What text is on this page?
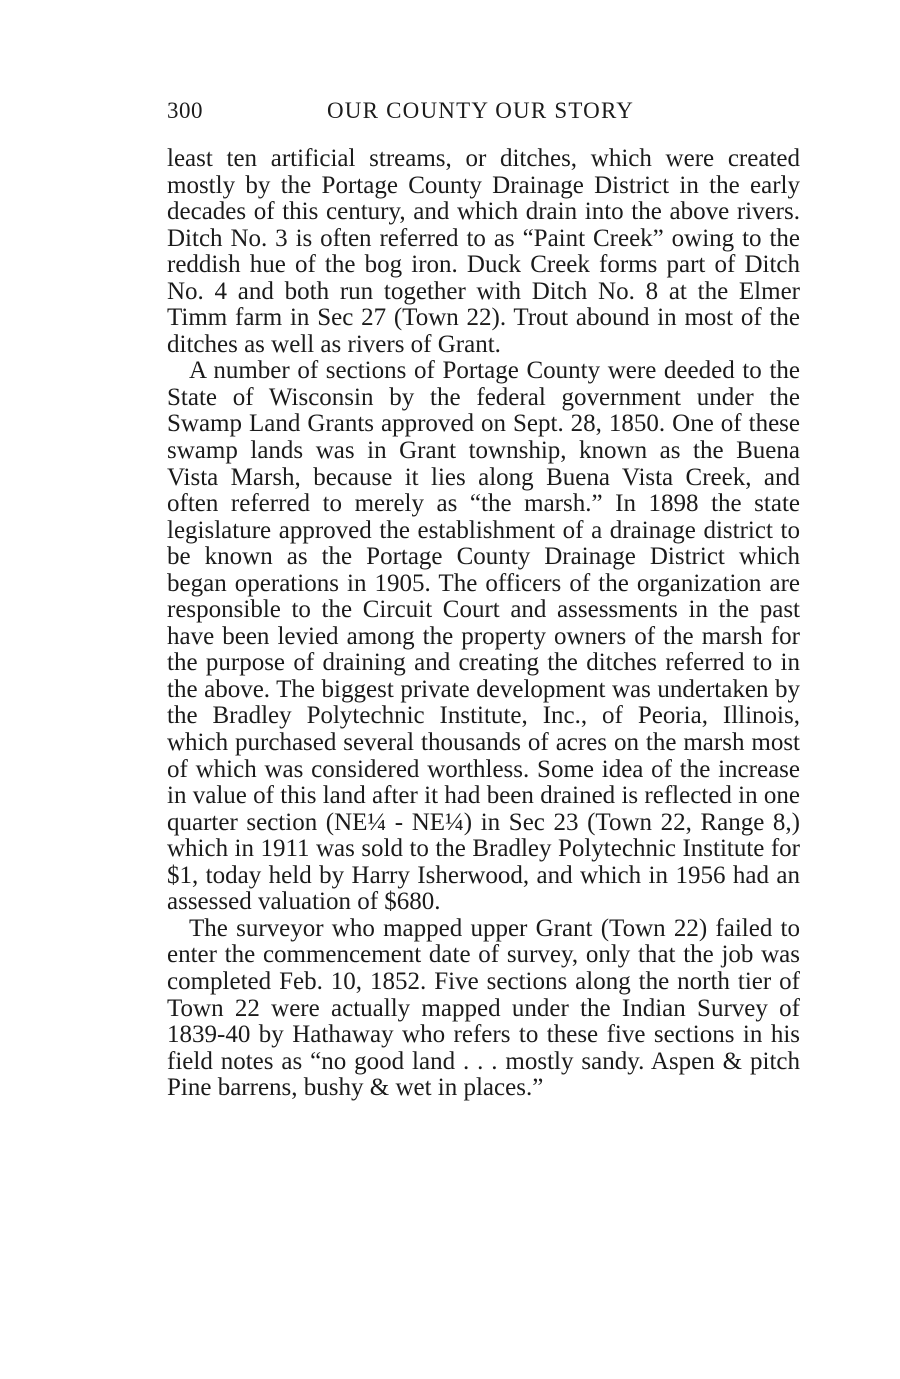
300	OUR COUNTY OUR STORY

least ten artificial streams, or ditches, which were created mostly by the Portage County Drainage District in the early decades of this century, and which drain into the above rivers. Ditch No. 3 is often referred to as “Paint Creek” owing to the reddish hue of the bog iron. Duck Creek forms part of Ditch No. 4 and both run together with Ditch No. 8 at the Elmer Timm farm in Sec 27 (Town 22). Trout abound in most of the ditches as well as rivers of Grant.

A number of sections of Portage County were deeded to the State of Wisconsin by the federal government under the Swamp Land Grants approved on Sept. 28, 1850. One of these swamp lands was in Grant township, known as the Buena Vista Marsh, because it lies along Buena Vista Creek, and often referred to merely as “the marsh.” In 1898 the state legislature approved the establishment of a drainage district to be known as the Portage County Drainage District which began operations in 1905. The officers of the organization are responsible to the Circuit Court and assessments in the past have been levied among the property owners of the marsh for the purpose of draining and creating the ditches referred to in the above. The biggest private development was undertaken by the Bradley Polytechnic Institute, Inc., of Peoria, Illinois, which purchased several thousands of acres on the marsh most of which was considered worthless. Some idea of the increase in value of this land after it had been drained is reflected in one quarter section (NE¼ - NE¼) in Sec 23 (Town 22, Range 8,) which in 1911 was sold to the Bradley Polytechnic Institute for $1, today held by Harry Isherwood, and which in 1956 had an assessed valuation of $680.

The surveyor who mapped upper Grant (Town 22) failed to enter the commencement date of survey, only that the job was completed Feb. 10, 1852. Five sections along the north tier of Town 22 were actually mapped under the Indian Survey of 1839-40 by Hathaway who refers to these five sections in his field notes as “no good land . . . mostly sandy. Aspen & pitch Pine barrens, bushy & wet in places.”
